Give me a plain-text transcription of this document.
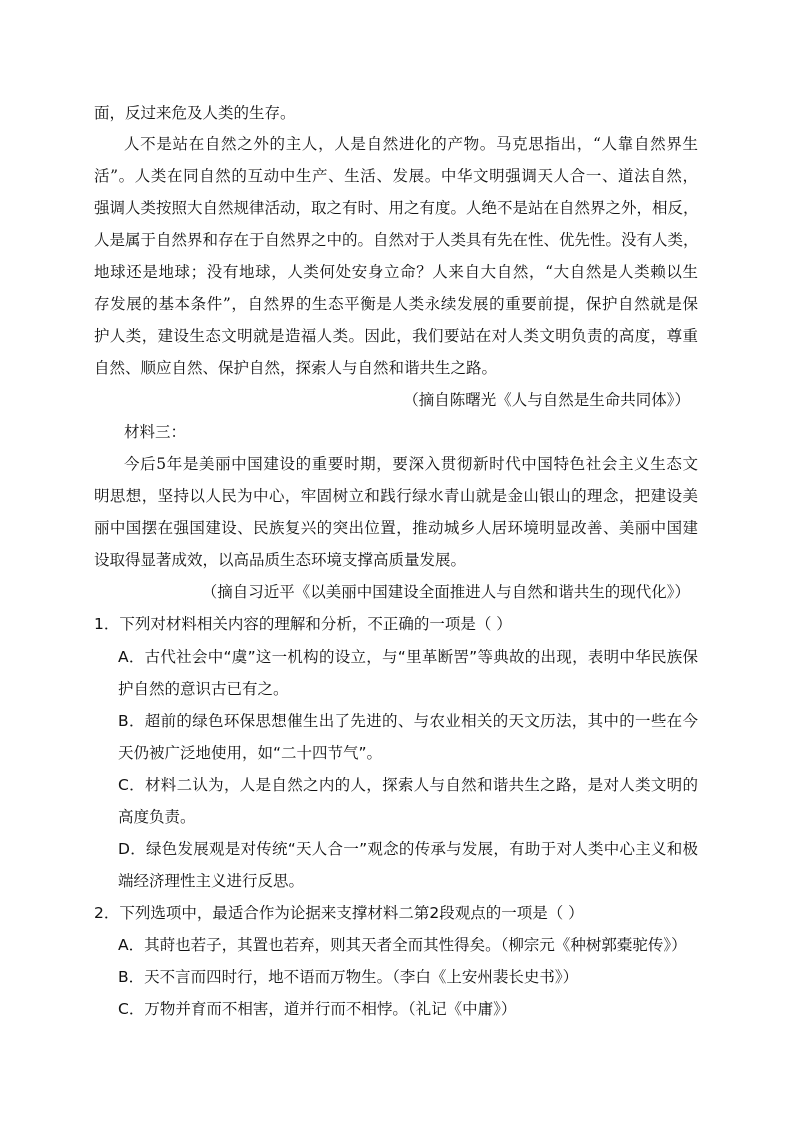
面，反过来危及人类的生存。
人不是站在自然之外的主人，人是自然进化的产物。马克思指出，“人靠自然界生
活”。人类在同自然的互动中生产、生活、发展。中华文明强调天人合一、道法自然，
强调人类按照大自然规律活动，取之有时、用之有度。人绝不是站在自然界之外，相反，
人是属于自然界和存在于自然界之中的。自然对于人类具有先在性、优先性。没有人类，
地球还是地球；没有地球，人类何处安身立命？人来自大自然，“大自然是人类赖以生
存发展的基本条件”，自然界的生态平衡是人类永续发展的重要前提，保护自然就是保
护人类，建设生态文明就是造福人类。因此，我们要站在对人类文明负责的高度，尊重
自然、顺应自然、保护自然，探索人与自然和谐共生之路。
（摘自陈曙光《人与自然是生命共同体》）
材料三：
今后5年是美丽中国建设的重要时期，要深入贯彻新时代中国特色社会主义生态文
明思想，坚持以人民为中心，牢固树立和践行绿水青山就是金山银山的理念，把建设美
丽中国摆在强国建设、民族复兴的突出位置，推动城乡人居环境明显改善、美丽中国建
设取得显著成效，以高品质生态环境支撑高质量发展。
（摘自习近平《以美丽中国建设全面推进人与自然和谐共生的现代化》）
1．下列对材料相关内容的理解和分析，不正确的一项是（ ）
A．古代社会中“虞”这一机构的设立，与“里革断罟”等典故的出现，表明中华民族保
护自然的意识古已有之。
B．超前的绿色环保思想催生出了先进的、与农业相关的天文历法，其中的一些在今
天仍被广泛地使用，如“二十四节气”。
C．材料二认为，人是自然之内的人，探索人与自然和谐共生之路，是对人类文明的
高度负责。
D．绿色发展观是对传统“天人合一”观念的传承与发展，有助于对人类中心主义和极
端经济理性主义进行反思。
2．下列选项中，最适合作为论据来支撑材料二第2段观点的一项是（ ）
A．其莳也若子，其置也若弃，则其天者全而其性得矣。（柳宗元《种树郭橐驼传》）
B．天不言而四时行，地不语而万物生。（李白《上安州裴长史书》）
C．万物并育而不相害，道并行而不相悖。（礼记《中庸》）
